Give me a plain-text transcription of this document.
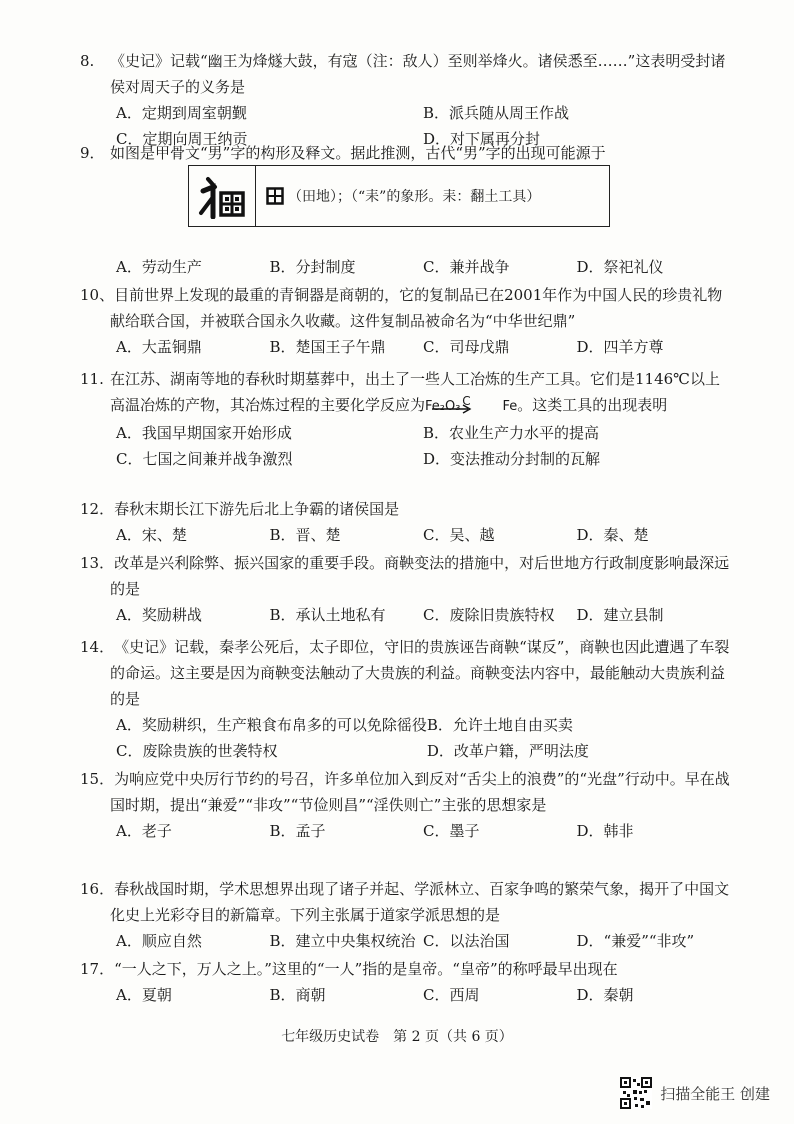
8. 《史记》记载“幽王为烽燧大鼓，有寇（注：敌人）至则举烽火。诸侯悉至……”这表明受封诸侯对周天子的义务是

A．定期到周室朝觐	B．派兵随从周王作战
C．定期向周王纳贡	D．对下属再分封

9． 如图是甲骨文“男”字的构形及释文。据此推测，古代“男”字的出现可能源于

（田地）；（“耒”的象形。耒：翻土工具）
A．劳动生产	B．分封制度	C．兼并战争	D．祭祀礼仪

10、目前世界上发现的最重的青铜器是商朝的，它的复制品已在2001年作为中国人民的珍贵礼物献给联合国，并被联合国永久收藏。这件复制品被命名为“中华世纪鼎”

A．大盂铜鼎	B．楚国王子午鼎	C．司母戊鼎	D．四羊方尊

11. 在江苏、湖南等地的春秋时期墓葬中，出土了一些人工冶炼的生产工具。它们是1146℃以上高温冶炼的产物，其冶炼过程的主要化学反应为Fe₂O₃ C	Fe。这类工具的出现表明

A．我国早期国家开始形成	B．农业生产力水平的提高
C．七国之间兼并战争激烈	D．变法推动分封制的瓦解

12．春秋末期长江下游先后北上争霸的诸侯国是

A．宋、楚	B．晋、楚	C．吴、越	D．秦、楚

13．改革是兴利除弊、振兴国家的重要手段。商鞅变法的措施中，对后世地方行政制度影响最深远的是

A．奖励耕战	B．承认土地私有	C．废除旧贵族特权	D．建立县制

14．《史记》记载，秦孝公死后，太子即位，守旧的贵族诬告商鞅“谋反”，商鞅也因此遭遇了车裂的命运。这主要是因为商鞅变法触动了大贵族的利益。商鞅变法内容中，最能触动大贵族利益的是

A．奖励耕织，生产粮食布帛多的可以免除徭役 B．允许土地自由买卖
C．废除贵族的世袭特权	D．改革户籍，严明法度

15．为响应党中央厉行节约的号召，许多单位加入到反对“舌尖上的浪费”的“光盘”行动中。早在战国时期，提出“兼爱”“非攻”“节俭则昌”“淫佚则亡”主张的思想家是

A．老子	B．孟子	C．墨子	D．韩非

16．春秋战国时期，学术思想界出现了诸子并起、学派林立、百家争鸣的繁荣气象，揭开了中国文化史上光彩夺目的新篇章。下列主张属于道家学派思想的是

A．顺应自然	B．建立中央集权统治 C．以法治国	D．“兼爱”“非攻”

17．“一人之下，万人之上。”这里的“一人”指的是皇帝。“皇帝”的称呼最早出现在

A．夏朝	B．商朝	C．西周	D．秦朝
七年级历史试卷　第 2 页（共 6 页）
扫描全能王 创建
